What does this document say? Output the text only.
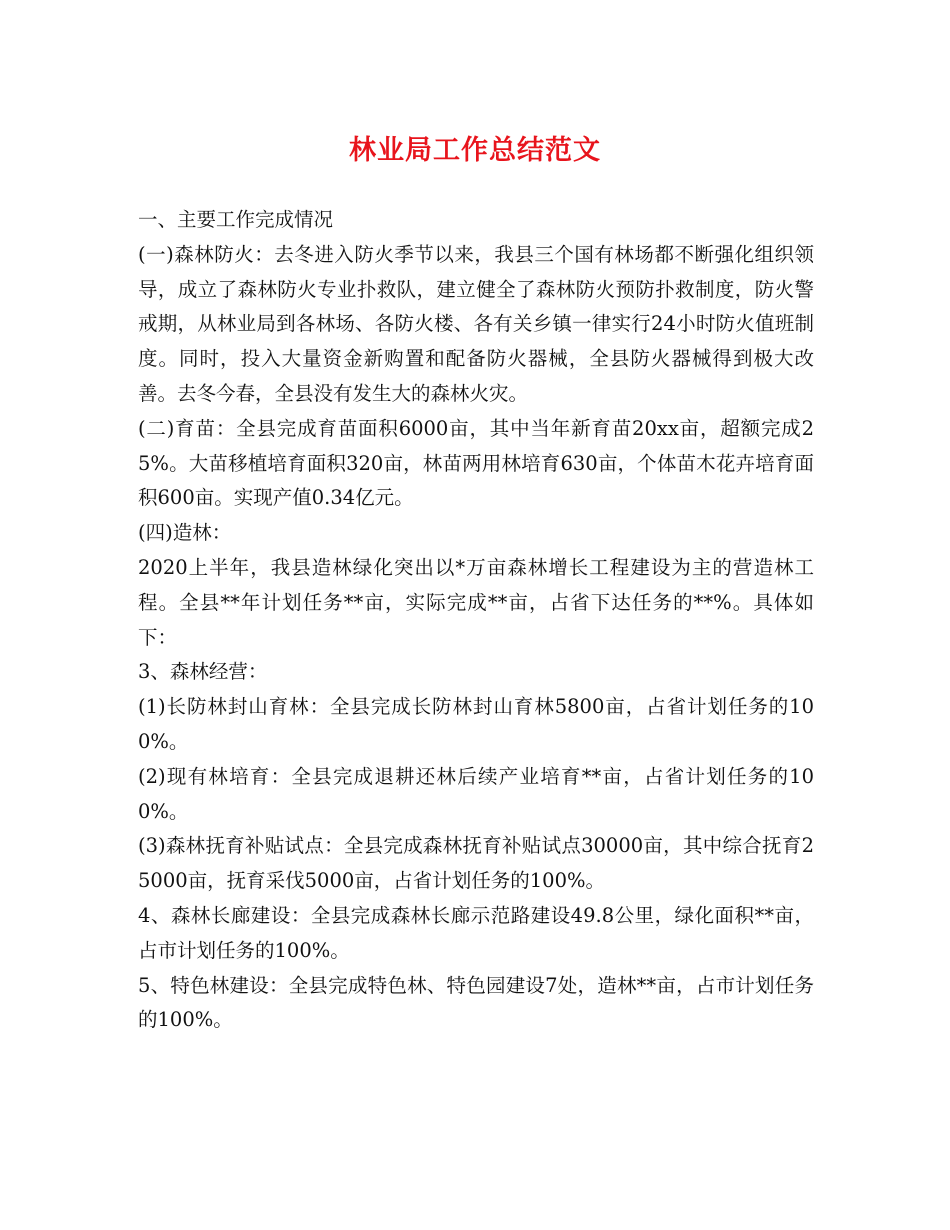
林业局工作总结范文

一、主要工作完成情况

(一)森林防火：去冬进入防火季节以来，我县三个国有林场都不断强化组织领导，成立了森林防火专业扑救队，建立健全了森林防火预防扑救制度，防火警戒期，从林业局到各林场、各防火楼、各有关乡镇一律实行24小时防火值班制度。同时，投入大量资金新购置和配备防火器械，全县防火器械得到极大改善。去冬今春，全县没有发生大的森林火灾。

(二)育苗：全县完成育苗面积6000亩，其中当年新育苗20xx亩，超额完成25%。大苗移植培育面积320亩，林苗两用林培育630亩，个体苗木花卉培育面积600亩。实现产值0.34亿元。

(四)造林：

2020上半年，我县造林绿化突出以*万亩森林增长工程建设为主的营造林工程。全县**年计划任务**亩，实际完成**亩，占省下达任务的**%。具体如下：

3、森林经营：

(1)长防林封山育林：全县完成长防林封山育林5800亩，占省计划任务的100%。

(2)现有林培育：全县完成退耕还林后续产业培育**亩，占省计划任务的100%。

(3)森林抚育补贴试点：全县完成森林抚育补贴试点30000亩，其中综合抚育25000亩，抚育采伐5000亩，占省计划任务的100%。

4、森林长廊建设：全县完成森林长廊示范路建设49.8公里，绿化面积**亩，占市计划任务的100%。

5、特色林建设：全县完成特色林、特色园建设7处，造林**亩，占市计划任务的100%。
